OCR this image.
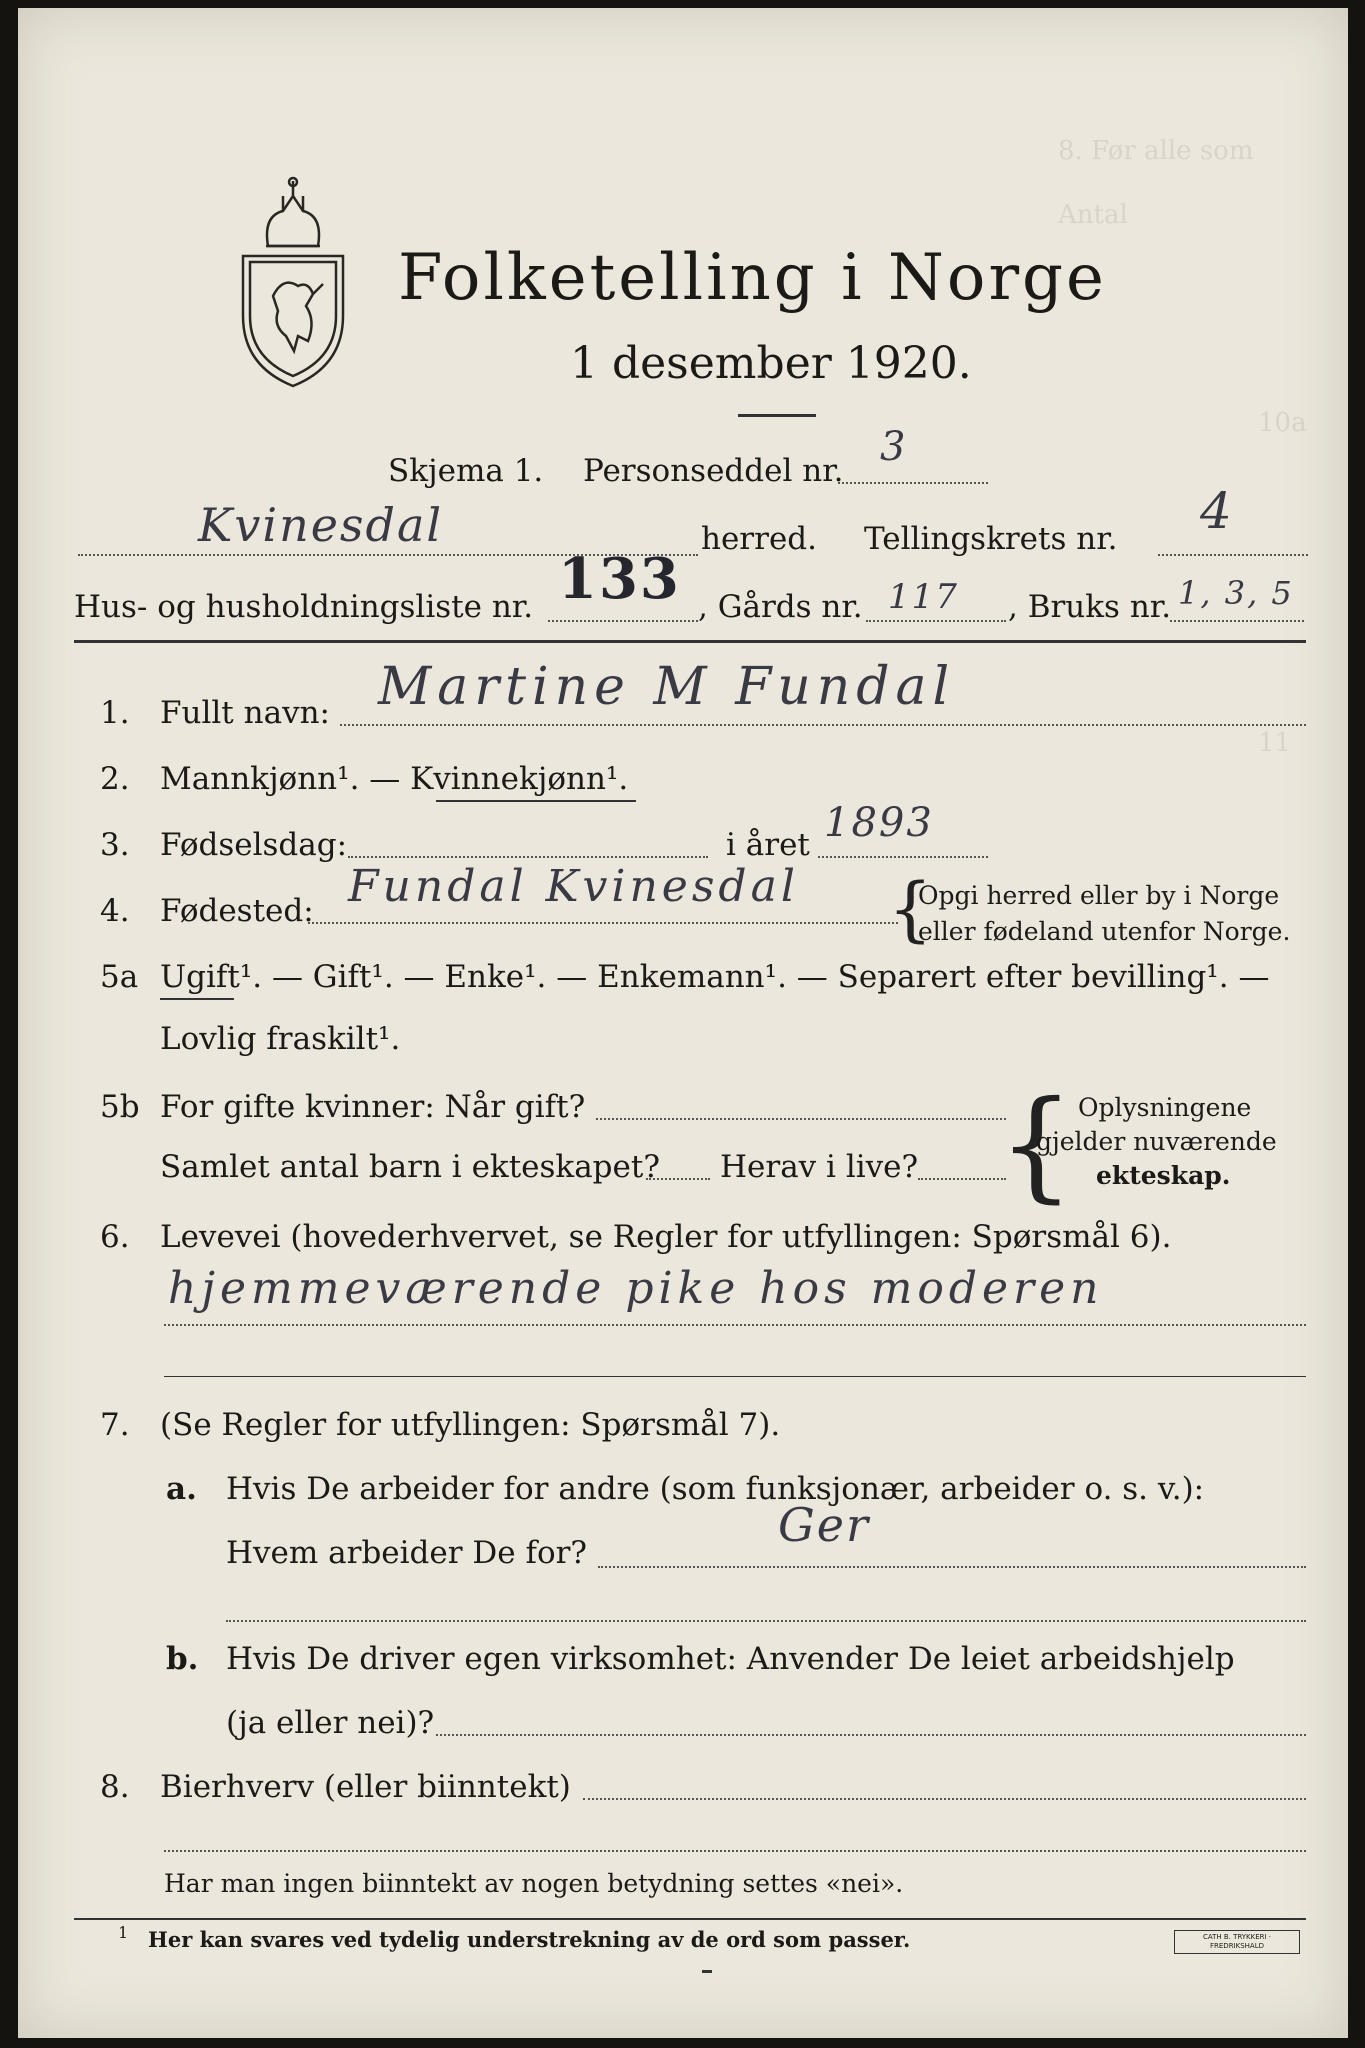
8. Før alle som
Antal
10a
11
Folketelling i Norge
1 desember 1920.
Skjema 1. Personseddel nr.
3
Kvinesdal	herred. Tellingskrets nr. 4
Hus- og husholdningsliste nr. 133 , Gårds nr. 117 , Bruks nr. 1, 3, 5
1. Fullt navn: Martine M Fundal
2. Mannkjønn¹. — Kvinnekjønn¹.
3. Fødselsdag:	i året 1893
4. Fødested: Fundal Kvinesdal {
Opgi herred eller by i Norge
eller fødeland utenfor Norge.
5a Ugift¹. — Gift¹. — Enke¹. — Enkemann¹. — Separert efter bevilling¹. —
Lovlig fraskilt¹.
5b For gifte kvinner: Når gift?
Samlet antal barn i ekteskapet? Herav i live? { Oplysningene
gjelder nuværende
ekteskap.
6. Levevei (hovederhvervet, se Regler for utfyllingen: Spørsmål 6).
hjemmeværende pike hos moderen
7. (Se Regler for utfyllingen: Spørsmål 7).
a. Hvis De arbeider for andre (som funksjonær, arbeider o. s. v.):
Hvem arbeider De for?
Ger
b. Hvis De driver egen virksomhet: Anvender De leiet arbeidshjelp
(ja eller nei)?
8. Bierhverv (eller biinntekt)
Har man ingen biinntekt av nogen betydning settes «nei».
1 Her kan svares ved tydelig understrekning av de ord som passer.	CATH B. TRYKKERI · FREDRIKSHALD
